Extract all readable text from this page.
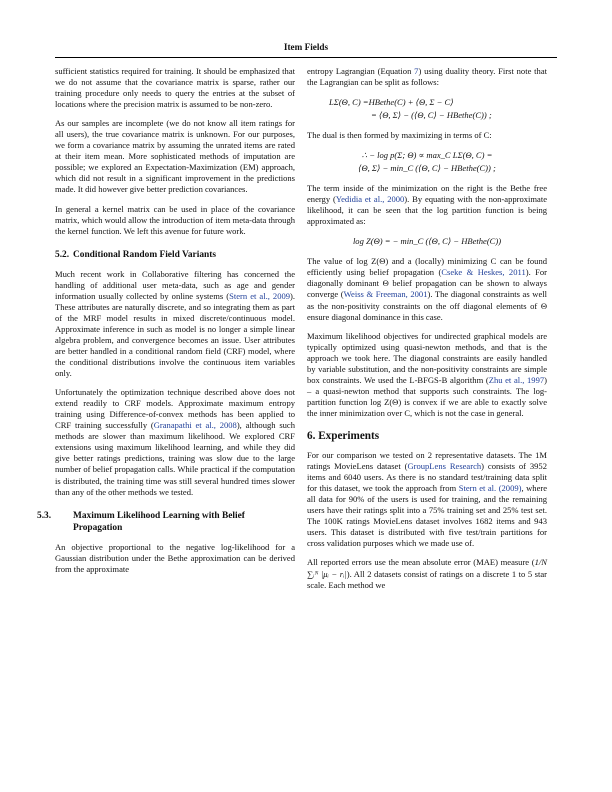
Item Fields

sufficient statistics required for training. It should be emphasized that we do not assume that the covariance matrix is sparse, rather our training procedure only needs to query the entries at the subset of locations where the precision matrix is assumed to be non-zero.

As our samples are incomplete (we do not know all item ratings for all users), the true covariance matrix is unknown. For our purposes, we form a covariance matrix by assuming the unrated items are rated at their item mean. More sophisticated methods of imputation are possible; we explored an Expectation-Maximization (EM) approach, which did not result in a significant improvement in the predictions made. It did however give better prediction covariances.

In general a kernel matrix can be used in place of the covariance matrix, which would allow the introduction of item meta-data through the kernel function. We left this avenue for future work.

5.2. Conditional Random Field Variants

Much recent work in Collaborative filtering has concerned the handling of additional user meta-data, such as age and gender information usually collected by online systems (Stern et al., 2009). These attributes are naturally discrete, and so integrating them as part of the MRF model results in mixed discrete/continuous model. Approximate inference in such as model is no longer a simple linear algebra problem, and convergence becomes an issue. User attributes are better handled in a conditional random field (CRF) model, where the conditional distributions involve the continuous item variables only.

Unfortunately the optimization technique described above does not extend readily to CRF models. Approximate maximum entropy training using Difference-of-convex methods has been applied to CRF training successfully (Granapathi et al., 2008), although such methods are slower than maximum likelihood. We explored CRF extensions using maximum likelihood learning, and while they did give better ratings predictions, training was slow due to the large number of belief propagation calls. While practical if the computation is distributed, the training time was still several hundred times slower than any of the other methods we tested.

5.3. Maximum Likelihood Learning with Belief Propagation

An objective proportional to the negative log-likelihood for a Gaussian distribution under the Bethe approximation can be derived from the approximate

entropy Lagrangian (Equation 7) using duality theory. First note that the Lagrangian can be split as follows:

LΣ(Θ, C) =HBethe(C) + ⟨Θ, Σ − C⟩
= ⟨Θ, Σ⟩ − (⟨Θ, C⟩ − HBethe(C)) ;

The dual is then formed by maximizing in terms of C:

∴ − log p(Σ; Θ) ∝ max_C LΣ(Θ, C) =
⟨Θ, Σ⟩ − min_C (⟨Θ, C⟩ − HBethe(C)) ;

The term inside of the minimization on the right is the Bethe free energy (Yedidia et al., 2000). By equating with the non-approximate likelihood, it can be seen that the log partition function is being approximated as:

log Z(Θ) = − min_C (⟨Θ, C⟩ − HBethe(C))

The value of log Z(Θ) and a (locally) minimizing C can be found efficiently using belief propagation (Cseke & Heskes, 2011). For diagonally dominant Θ belief propagation can be shown to always converge (Weiss & Freeman, 2001). The diagonal constraints as well as the non-positivity constraints on the off diagonal elements of Θ ensure diagonal dominance in this case.

Maximum likelihood objectives for undirected graphical models are typically optimized using quasi-newton methods, and that is the approach we took here. The diagonal constraints are easily handled by variable substitution, and the non-positivity constraints are simple box constraints. We used the L-BFGS-B algorithm (Zhu et al., 1997) – a quasi-newton method that supports such constraints. The log-partition function log Z(Θ) is convex if we are able to exactly solve the inner minimization over C, which is not the case in general.

6. Experiments

For our comparison we tested on 2 representative datasets. The 1M ratings MovieLens dataset (GroupLens Research) consists of 3952 items and 6040 users. As there is no standard test/training data split for this dataset, we took the approach from Stern et al. (2009), where all data for 90% of the users is used for training, and the remaining users have their ratings split into a 75% training set and 25% test set. The 100K ratings MovieLens dataset involves 1682 items and 943 users. This dataset is distributed with five test/train partitions for cross validation purposes which we made use of.

All reported errors use the mean absolute error (MAE) measure (1/N ∑ᵢᴺ |μᵢ − rᵢ|). All 2 datasets consist of ratings on a discrete 1 to 5 star scale. Each method we
